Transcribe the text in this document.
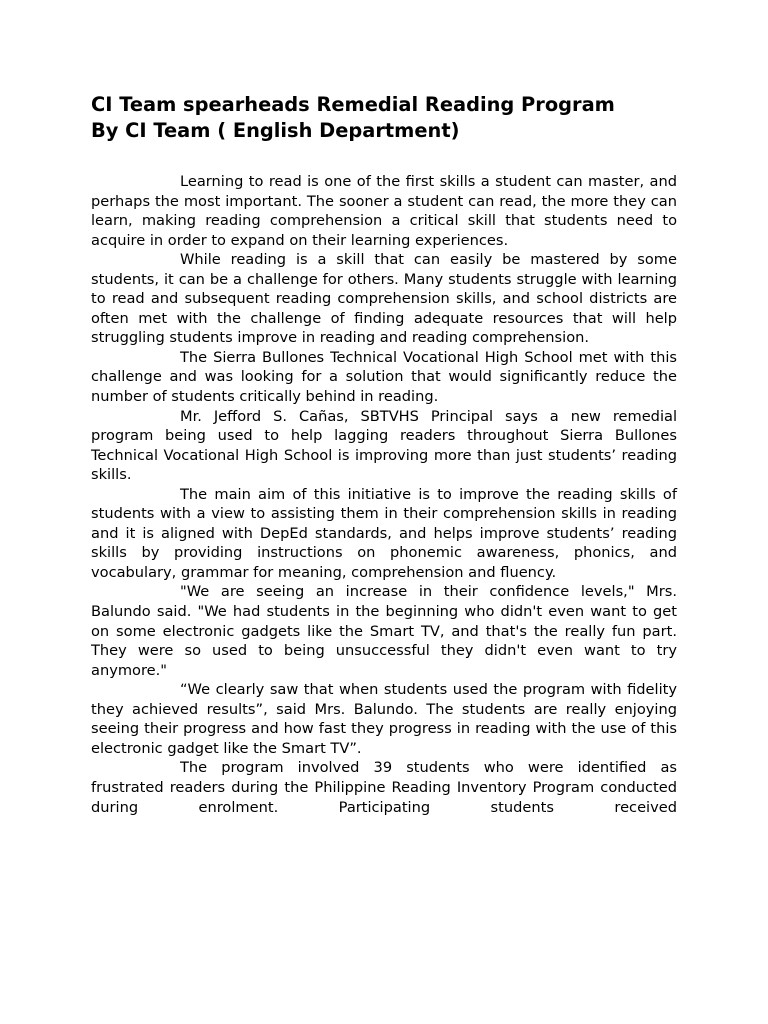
CI Team spearheads Remedial Reading Program
By CI Team ( English Department)

Learning to read is one of the first skills a student can master, and perhaps the most important. The sooner a student can read, the more they can learn, making reading comprehension a critical skill that students need to acquire in order to expand on their learning experiences.

While reading is a skill that can easily be mastered by some students, it can be a challenge for others. Many students struggle with learning to read and subsequent reading comprehension skills, and school districts are often met with the challenge of finding adequate resources that will help struggling students improve in reading and reading comprehension.

The Sierra Bullones Technical Vocational High School met with this challenge and was looking for a solution that would significantly reduce the number of students critically behind in reading.

Mr. Jefford S. Cañas, SBTVHS Principal says a new remedial program being used to help lagging readers throughout Sierra Bullones Technical Vocational High School is improving more than just students’ reading skills.

The main aim of this initiative is to improve the reading skills of students with a view to assisting them in their comprehension skills in reading and it is aligned with DepEd standards, and helps improve students’ reading skills by providing instructions on phonemic awareness, phonics, and vocabulary, grammar for meaning, comprehension and fluency.

"We are seeing an increase in their confidence levels," Mrs. Balundo said. "We had students in the beginning who didn't even want to get on some electronic gadgets like the Smart TV, and that's the really fun part. They were so used to being unsuccessful they didn't even want to try anymore."

“We clearly saw that when students used the program with fidelity they achieved results”, said Mrs. Balundo. The students are really enjoying seeing their progress and how fast they progress in reading with the use of this electronic gadget like the Smart TV”.

The program involved 39 students who were identified as frustrated readers during the Philippine Reading Inventory Program conducted during enrolment. Participating students received
